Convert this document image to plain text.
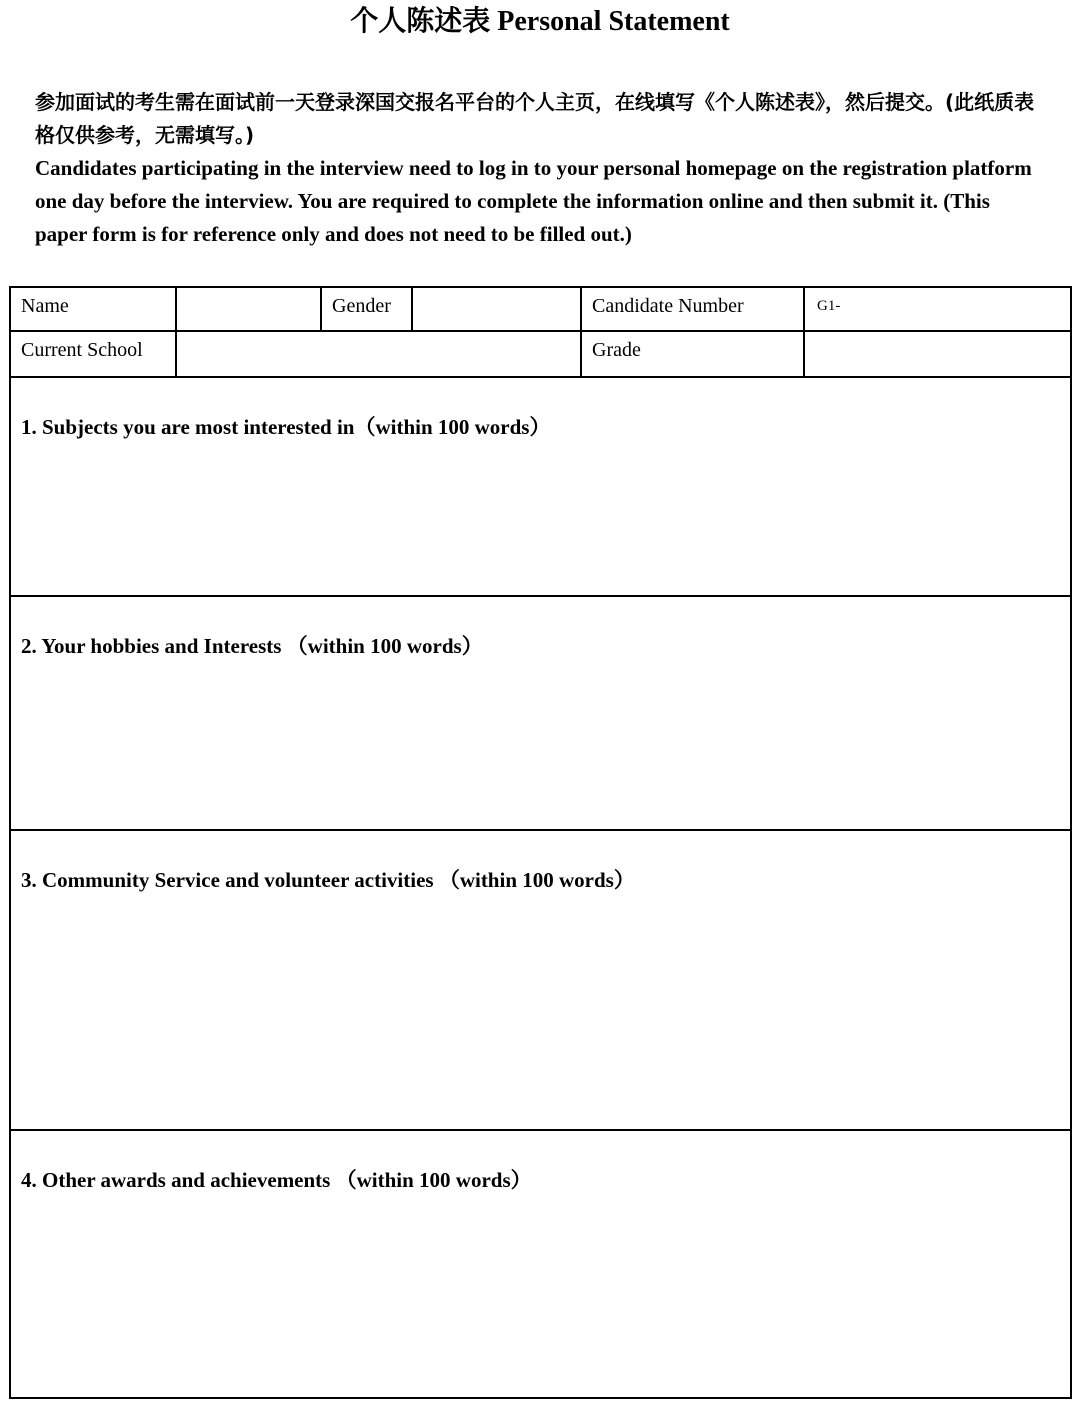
个人陈述表 Personal Statement

参加面试的考生需在面试前一天登录深国交报名平台的个人主页，在线填写《个人陈述表》，然后提交。(此纸质表格仅供参考，无需填写。)

Candidates participating in the interview need to log in to your personal homepage on the registration platform one day before the interview. You are required to complete the information online and then submit it. (This paper form is for reference only and does not need to be filled out.)

Name		Gender		Candidate Number	G1-

Current School				Grade	

1. Subjects you are most interested in（within 100 words）					

2. Your hobbies and Interests （within 100 words）					

3. Community Service and volunteer activities （within 100 words）					

4. Other awards and achievements （within 100 words）					
